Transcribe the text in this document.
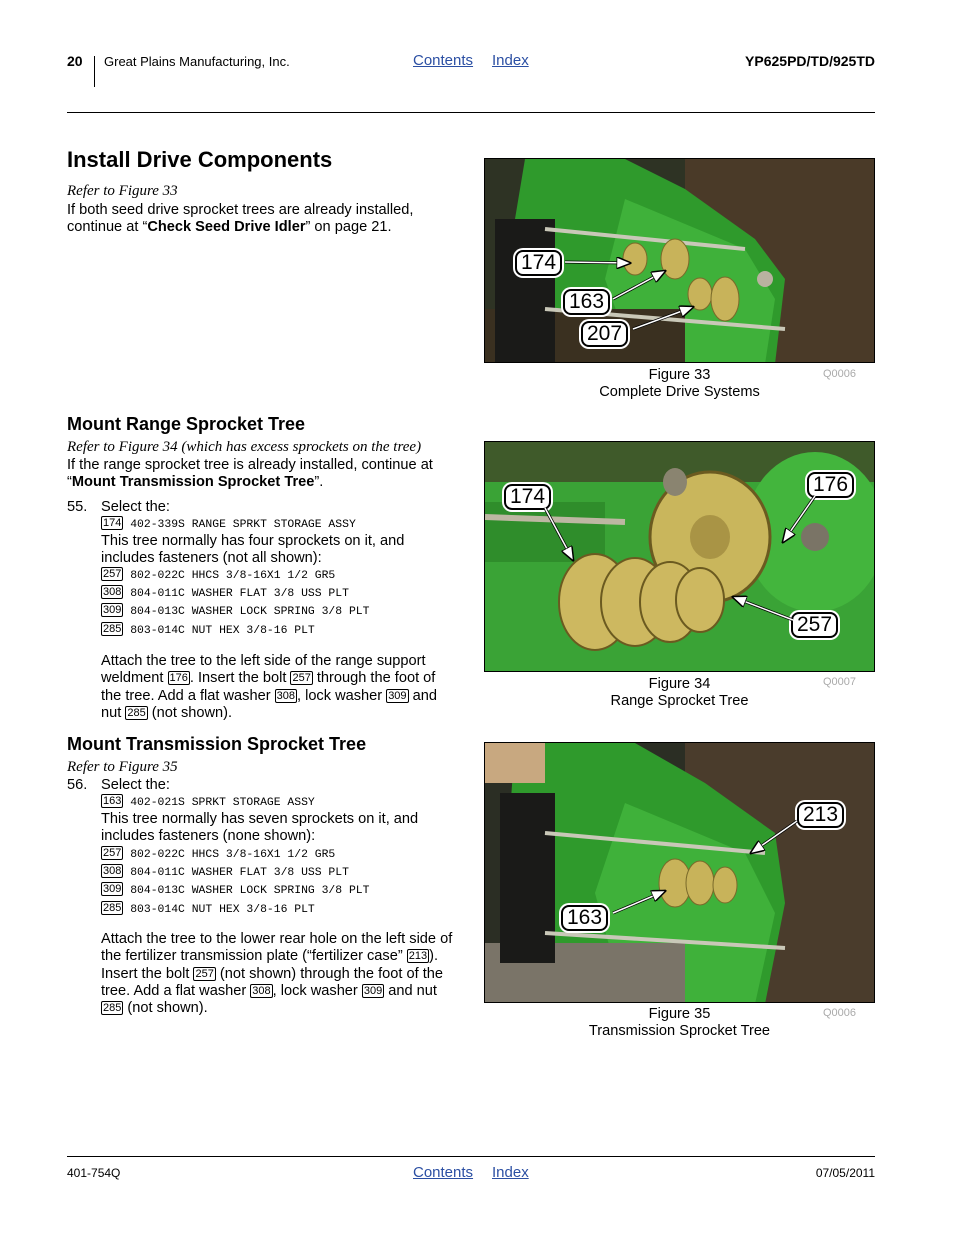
20 Great Plains Manufacturing, Inc.	Contents Index	YP625PD/TD/925TD
Install Drive Components
Refer to Figure 33
If both seed drive sprocket trees are already installed, continue at “Check Seed Drive Idler” on page 21.
Mount Range Sprocket Tree
Refer to Figure 34 (which has excess sprockets on the tree)
If the range sprocket tree is already installed, continue at “Mount Transmission Sprocket Tree”.
55. Select the:
174 402-339S RANGE SPRKT STORAGE ASSY
This tree normally has four sprockets on it, and includes fasteners (not all shown):
257 802-022C HHCS 3/8-16X1 1/2 GR5
308 804-011C WASHER FLAT 3/8 USS PLT
309 804-013C WASHER LOCK SPRING 3/8 PLT
285 803-014C NUT HEX 3/8-16 PLT
Attach the tree to the left side of the range support weldment 176 . Insert the bolt 257 through the foot of the tree. Add a flat washer 308 , lock washer 309 and nut 285 (not shown).
Mount Transmission Sprocket Tree
Refer to Figure 35
56. Select the:
163 402-021S SPRKT STORAGE ASSY
This tree normally has seven sprockets on it, and includes fasteners (none shown):
257 802-022C HHCS 3/8-16X1 1/2 GR5
308 804-011C WASHER FLAT 3/8 USS PLT
309 804-013C WASHER LOCK SPRING 3/8 PLT
285 803-014C NUT HEX 3/8-16 PLT
Attach the tree to the lower rear hole on the left side of the fertilizer transmission plate (“fertilizer case” 213 ). Insert the bolt 257 (not shown) through the foot of the tree. Add a flat washer 308 , lock washer 309 and nut 285 (not shown).
174
163
207
Figure 33
Complete Drive Systems
Q0006
174
176
257
Figure 34
Range Sprocket Tree
Q0007
213
163
Figure 35
Transmission Sprocket Tree
Q0006
401-754Q	Contents Index	07/05/2011
